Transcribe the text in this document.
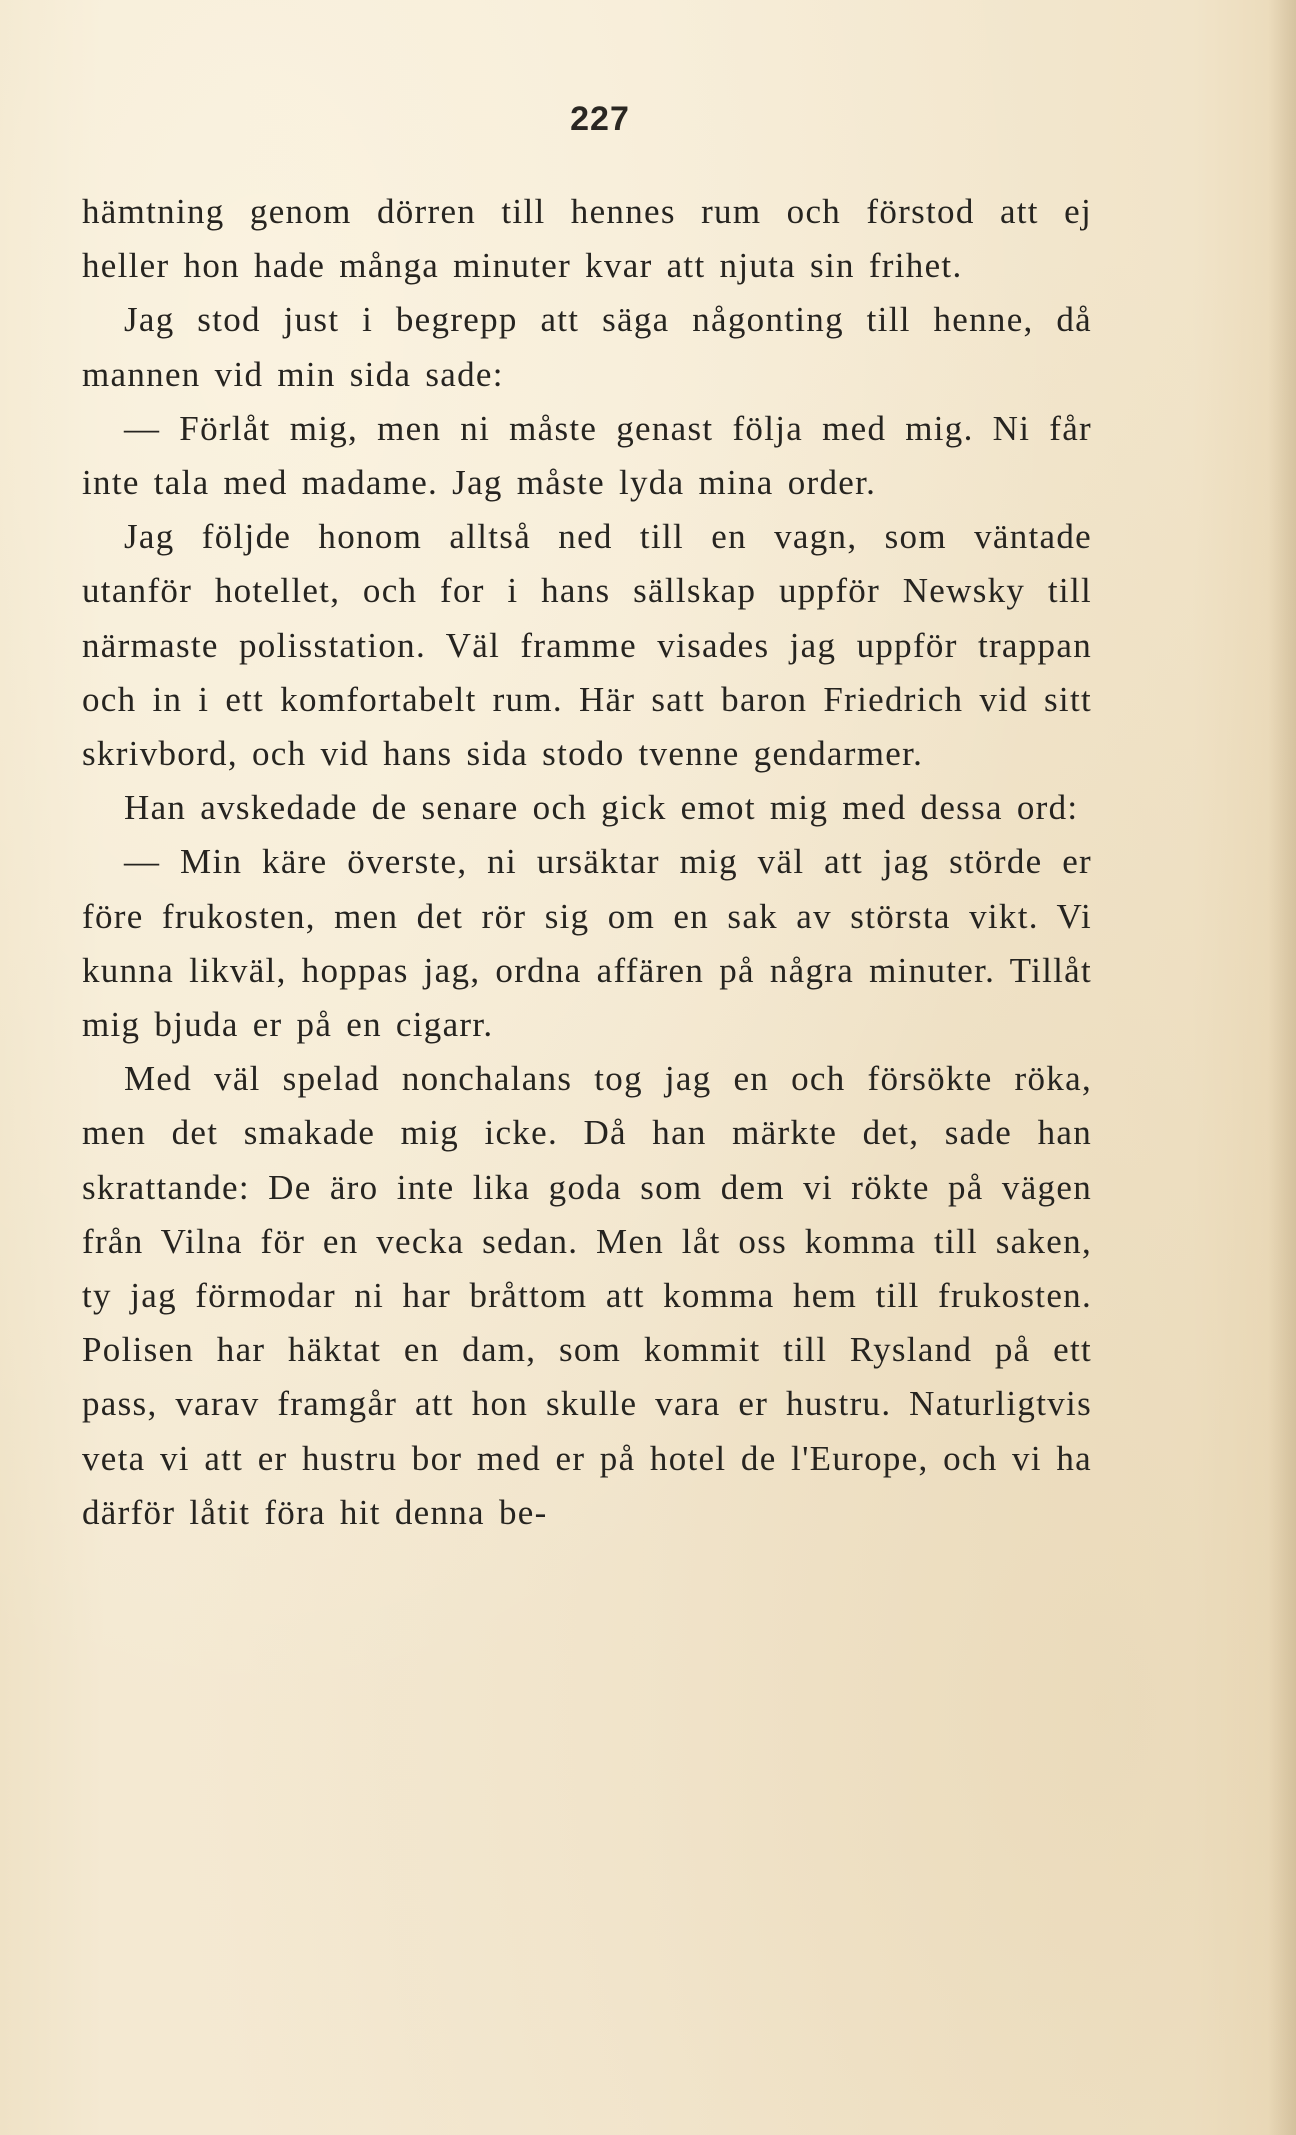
227

hämtning genom dörren till hennes rum och förstod att ej heller hon hade många minuter kvar att njuta sin frihet.

Jag stod just i begrepp att säga någonting till henne, då mannen vid min sida sade:

— Förlåt mig, men ni måste genast följa med mig. Ni får inte tala med madame. Jag måste lyda mina order.

Jag följde honom alltså ned till en vagn, som väntade utanför hotellet, och for i hans sällskap uppför Newsky till närmaste polisstation. Väl framme visades jag uppför trappan och in i ett komfortabelt rum. Här satt baron Friedrich vid sitt skrivbord, och vid hans sida stodo tvenne gendarmer.

Han avskedade de senare och gick emot mig med dessa ord:

— Min käre överste, ni ursäktar mig väl att jag störde er före frukosten, men det rör sig om en sak av största vikt. Vi kunna likväl, hoppas jag, ordna affären på några minuter. Tillåt mig bjuda er på en cigarr.

Med väl spelad nonchalans tog jag en och försökte röka, men det smakade mig icke. Då han märkte det, sade han skrattande: De äro inte lika goda som dem vi rökte på vägen från Vilna för en vecka sedan. Men låt oss komma till saken, ty jag förmodar ni har bråttom att komma hem till frukosten. Polisen har häktat en dam, som kommit till Rysland på ett pass, varav framgår att hon skulle vara er hustru. Naturligtvis veta vi att er hustru bor med er på hotel de l'Europe, och vi ha därför låtit föra hit denna be-
